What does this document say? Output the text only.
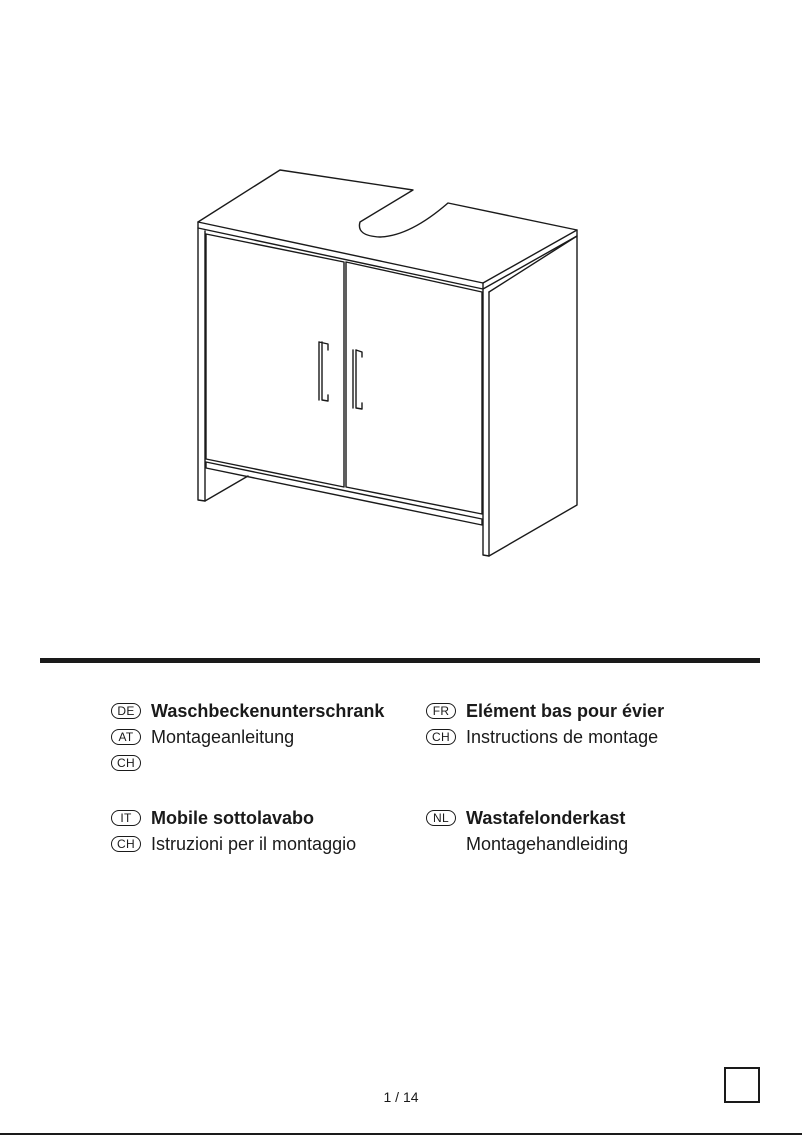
DE Waschbeckenunterschrank
AT Montageanleitung
CH
FR Elément bas pour évier
CH Instructions de montage
IT	Mobile sottolavabo
CH Istruzioni per il montaggio
NL Wastafelonderkast
Montagehandleiding
1 / 14
